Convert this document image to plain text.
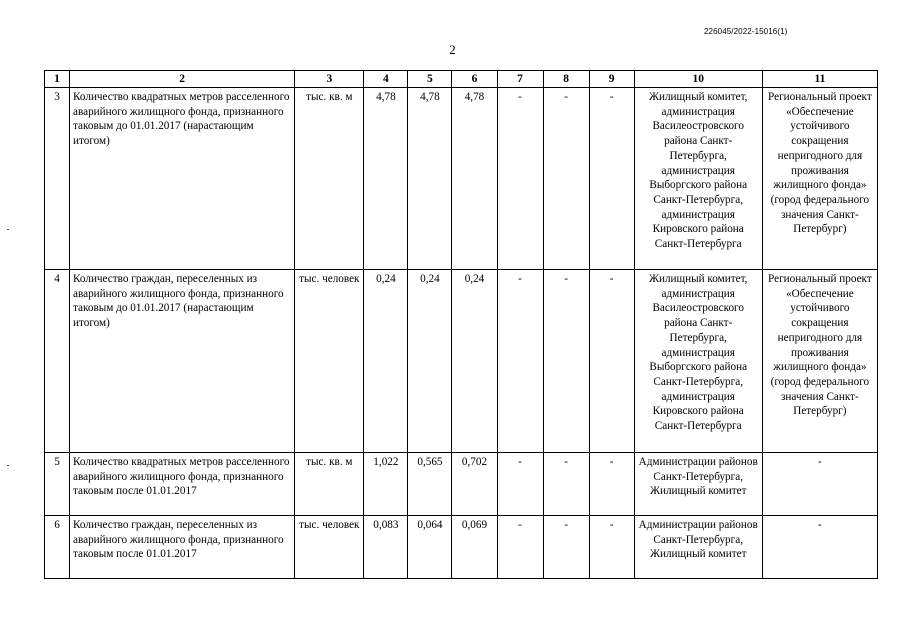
226045/2022-15016(1)
2
1	2	3	4	5	6	7	8	9	10	11
3	Количество квадратных метров расселенного аварийного жилищного фонда, признанного таковым до 01.01.2017 (нарастающим итогом)	тыс. кв. м	4,78	4,78	4,78	-	-	-	Жилищный комитет, администрация Василеостровского района Санкт-Петербурга, администрация Выборгского района Санкт-Петербурга, администрация Кировского района Санкт-Петербурга	Региональный проект «Обеспечение устойчивого сокращения непригодного для проживания жилищного фонда» (город федерального значения Санкт-Петербург)
4	Количество граждан, переселенных из аварийного жилищного фонда, признанного таковым до 01.01.2017 (нарастающим итогом)	тыс. человек	0,24	0,24	0,24	-	-	-	Жилищный комитет, администрация Василеостровского района Санкт-Петербурга, администрация Выборгского района Санкт-Петербурга, администрация Кировского района Санкт-Петербурга	Региональный проект «Обеспечение устойчивого сокращения непригодного для проживания жилищного фонда» (город федерального значения Санкт-Петербург)
5	Количество квадратных метров расселенного аварийного жилищного фонда, признанного таковым после 01.01.2017	тыс. кв. м	1,022	0,565	0,702	-	-	-	Администрации районов Санкт-Петербурга, Жилищный комитет	-
6	Количество граждан, переселенных из аварийного жилищного фонда, признанного таковым после 01.01.2017	тыс. человек	0,083	0,064	0,069	-	-	-	Администрации районов Санкт-Петербурга, Жилищный комитет	-
